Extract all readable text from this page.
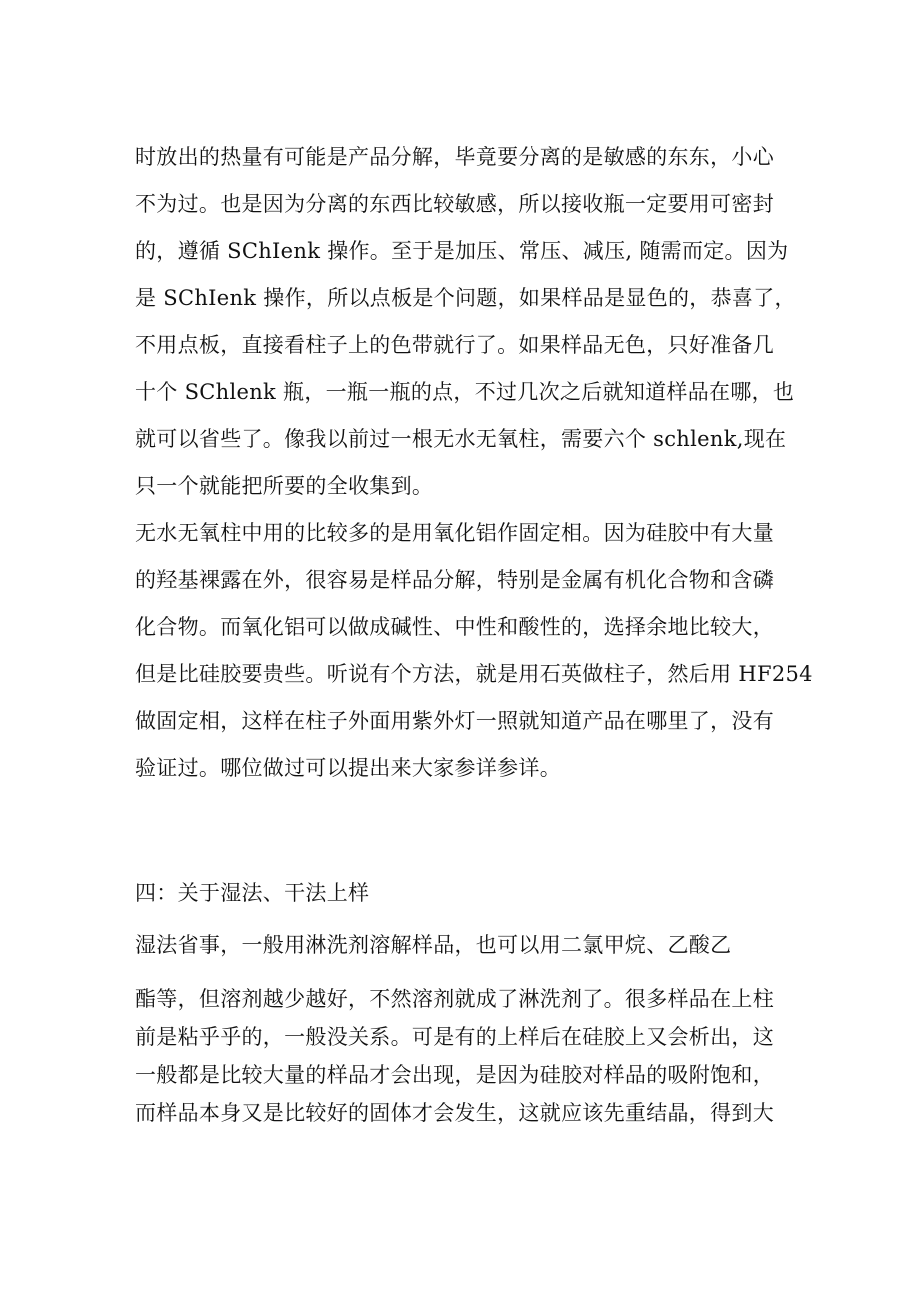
时放出的热量有可能是产品分解，毕竟要分离的是敏感的东东，小心
不为过。也是因为分离的东西比较敏感，所以接收瓶一定要用可密封
的，遵循 SChIenk 操作。至于是加压、常压、减压, 随需而定。因为
是 SChIenk 操作，所以点板是个问题，如果样品是显色的，恭喜了，
不用点板，直接看柱子上的色带就行了。如果样品无色，只好准备几
十个 SChlenk 瓶，一瓶一瓶的点，不过几次之后就知道样品在哪，也
就可以省些了。像我以前过一根无水无氧柱，需要六个 schlenk,现在
只一个就能把所要的全收集到。
无水无氧柱中用的比较多的是用氧化铝作固定相。因为硅胶中有大量
的羟基裸露在外，很容易是样品分解，特别是金属有机化合物和含磷
化合物。而氧化铝可以做成碱性、中性和酸性的，选择余地比较大，
但是比硅胶要贵些。听说有个方法，就是用石英做柱子，然后用 HF254
做固定相，这样在柱子外面用紫外灯一照就知道产品在哪里了，没有
验证过。哪位做过可以提出来大家参详参详。
四：关于湿法、干法上样
湿法省事，一般用淋洗剂溶解样品，也可以用二氯甲烷、乙酸乙
酯等，但溶剂越少越好，不然溶剂就成了淋洗剂了。很多样品在上柱
前是粘乎乎的，一般没关系。可是有的上样后在硅胶上又会析出，这
一般都是比较大量的样品才会出现，是因为硅胶对样品的吸附饱和，
而样品本身又是比较好的固体才会发生，这就应该先重结晶，得到大
